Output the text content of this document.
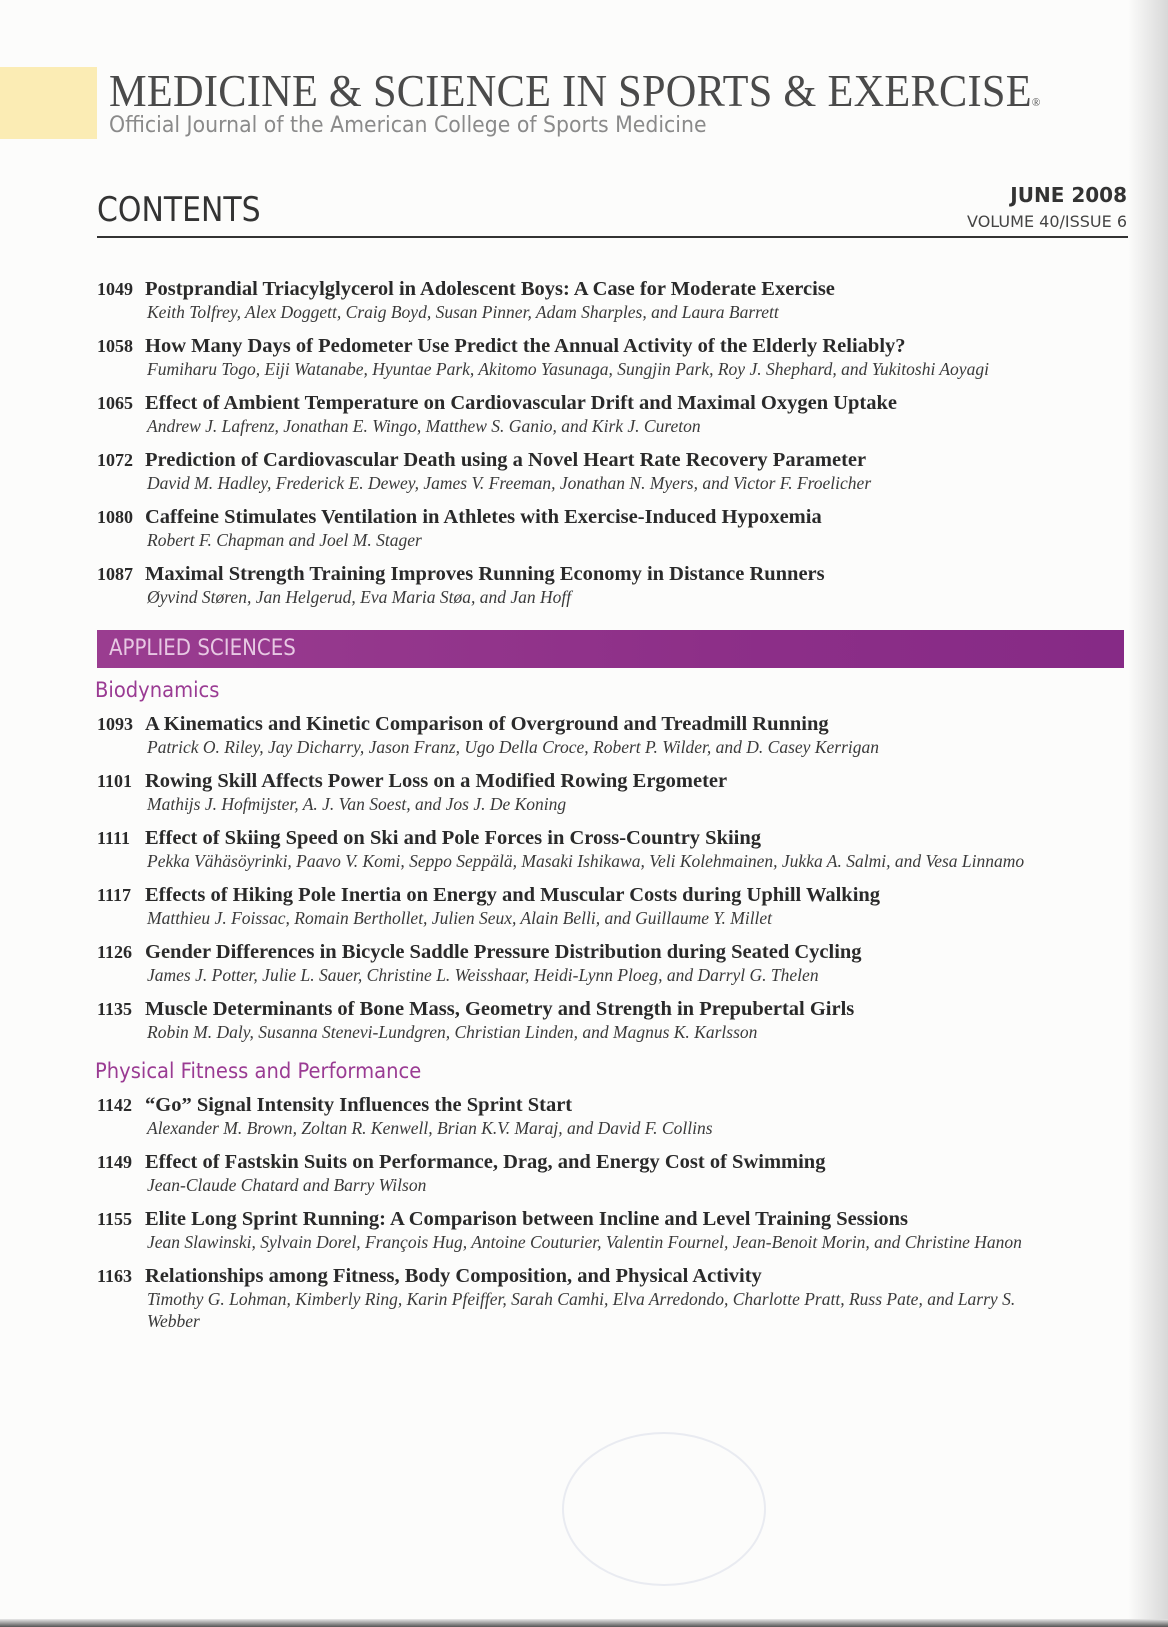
MEDICINE & SCIENCE IN SPORTS & EXERCISE®
Official Journal of the American College of Sports Medicine
CONTENTS	JUNE 2008
VOLUME 40/ISSUE 6
1049 Postprandial Triacylglycerol in Adolescent Boys: A Case for Moderate Exercise
Keith Tolfrey, Alex Doggett, Craig Boyd, Susan Pinner, Adam Sharples, and Laura Barrett
1058 How Many Days of Pedometer Use Predict the Annual Activity of the Elderly Reliably?
Fumiharu Togo, Eiji Watanabe, Hyuntae Park, Akitomo Yasunaga, Sungjin Park, Roy J. Shephard, and Yukitoshi Aoyagi
1065 Effect of Ambient Temperature on Cardiovascular Drift and Maximal Oxygen Uptake
Andrew J. Lafrenz, Jonathan E. Wingo, Matthew S. Ganio, and Kirk J. Cureton
1072 Prediction of Cardiovascular Death using a Novel Heart Rate Recovery Parameter
David M. Hadley, Frederick E. Dewey, James V. Freeman, Jonathan N. Myers, and Victor F. Froelicher
1080 Caffeine Stimulates Ventilation in Athletes with Exercise-Induced Hypoxemia
Robert F. Chapman and Joel M. Stager
1087 Maximal Strength Training Improves Running Economy in Distance Runners
Øyvind Støren, Jan Helgerud, Eva Maria Støa, and Jan Hoff
APPLIED SCIENCES
Biodynamics
1093 A Kinematics and Kinetic Comparison of Overground and Treadmill Running
Patrick O. Riley, Jay Dicharry, Jason Franz, Ugo Della Croce, Robert P. Wilder, and D. Casey Kerrigan
1101 Rowing Skill Affects Power Loss on a Modified Rowing Ergometer
Mathijs J. Hofmijster, A. J. Van Soest, and Jos J. De Koning
1111 Effect of Skiing Speed on Ski and Pole Forces in Cross-Country Skiing
Pekka Vähäsöyrinki, Paavo V. Komi, Seppo Seppälä, Masaki Ishikawa, Veli Kolehmainen, Jukka A. Salmi, and Vesa Linnamo
1117 Effects of Hiking Pole Inertia on Energy and Muscular Costs during Uphill Walking
Matthieu J. Foissac, Romain Berthollet, Julien Seux, Alain Belli, and Guillaume Y. Millet
1126 Gender Differences in Bicycle Saddle Pressure Distribution during Seated Cycling
James J. Potter, Julie L. Sauer, Christine L. Weisshaar, Heidi-Lynn Ploeg, and Darryl G. Thelen
1135 Muscle Determinants of Bone Mass, Geometry and Strength in Prepubertal Girls
Robin M. Daly, Susanna Stenevi-Lundgren, Christian Linden, and Magnus K. Karlsson
Physical Fitness and Performance
1142 “Go” Signal Intensity Influences the Sprint Start
Alexander M. Brown, Zoltan R. Kenwell, Brian K.V. Maraj, and David F. Collins
1149 Effect of Fastskin Suits on Performance, Drag, and Energy Cost of Swimming
Jean-Claude Chatard and Barry Wilson
1155 Elite Long Sprint Running: A Comparison between Incline and Level Training Sessions
Jean Slawinski, Sylvain Dorel, François Hug, Antoine Couturier, Valentin Fournel, Jean-Benoit Morin, and Christine Hanon
1163 Relationships among Fitness, Body Composition, and Physical Activity
Timothy G. Lohman, Kimberly Ring, Karin Pfeiffer, Sarah Camhi, Elva Arredondo, Charlotte Pratt, Russ Pate, and Larry S. Webber
